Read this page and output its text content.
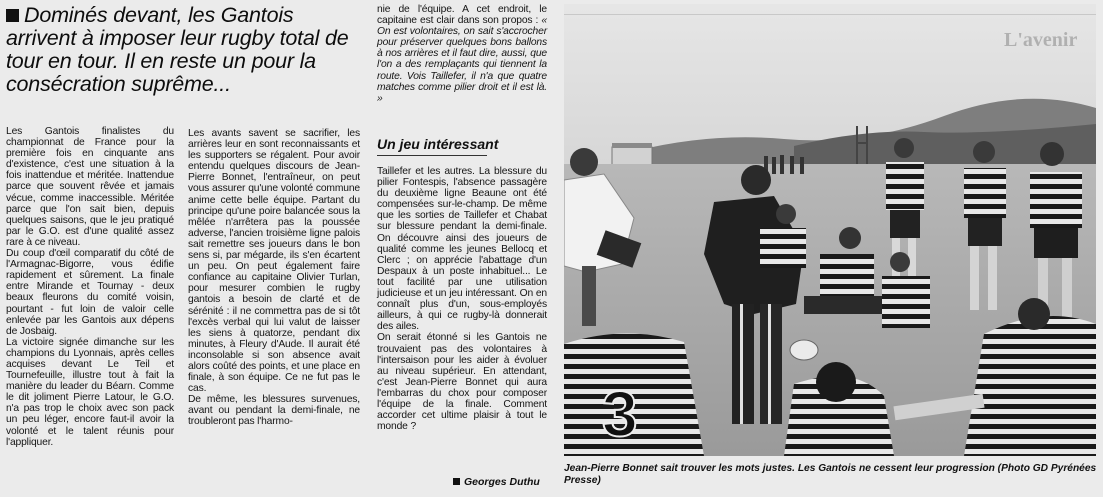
Dominés devant, les Gantois arrivent à imposer leur rugby total de tour en tour. Il en reste un pour la consécration suprême...
Les Gantois finalistes du championnat de France pour la première fois en cinquante ans d'existence, c'est une situation à la fois inattendue et méritée. Inattendue parce que souvent rêvée et jamais vécue, comme inaccessible. Méritée parce que l'on sait bien, depuis quelques saisons, que le jeu pratiqué par le G.O. est d'une qualité assez rare à ce niveau.
Du coup d'œil comparatif du côté de l'Armagnac-Bigorre, vous édifie rapidement et sûrement. La finale entre Mirande et Tournay - deux beaux fleurons du comité voisin, pourtant - fut loin de valoir celle enlevée par les Gantois aux dépens de Josbaig.
La victoire signée dimanche sur les champions du Lyonnais, après celles acquises devant Le Teil et Tournefeuille, illustre tout à fait la manière du leader du Béarn. Comme le dit joliment Pierre Latour, le G.O. n'a pas trop le choix avec son pack un peu léger, encore faut-il avoir la volonté et le talent réunis pour l'appliquer.
Les avants savent se sacrifier, les arrières leur en sont reconnaissants et les supporters se régalent. Pour avoir entendu quelques discours de Jean-Pierre Bonnet, l'entraîneur, on peut vous assurer qu'une volonté commune anime cette belle équipe. Partant du principe qu'une poire balancée sous la mêlée n'arrêtera pas la poussée adverse, l'ancien troisième ligne palois sait remettre ses joueurs dans le bon sens si, par mégarde, ils s'en écartent un peu. On peut également faire confiance au capitaine Olivier Turlan, pour mesurer combien le rugby gantois a besoin de clarté et de sérénité : il ne commettra pas de si tôt l'excès verbal qui lui valut de laisser les siens à quatorze, pendant dix minutes, à Fleury d'Aude. Il aurait été inconsolable si son absence avait alors coûté des points, et une place en finale, à son équipe. Ce ne fut pas le cas.
De même, les blessures survenues, avant ou pendant la demi-finale, ne troubleront pas l'harmo-
nie de l'équipe. A cet endroit, le capitaine est clair dans son propos : « On est volontaires, on sait s'accrocher pour préserver quelques bons ballons à nos arrières et il faut dire, aussi, que l'on a des remplaçants qui tiennent la route. Vois Taillefer, il n'a que quatre matches comme pilier droit et il est là. »
Un jeu intéressant
Taillefer et les autres. La blessure du pilier Fontespis, l'absence passagère du deuxième ligne Beaune ont été compensées sur-le-champ. De même que les sorties de Taillefer et Chabat sur blessure pendant la demi-finale. On découvre ainsi des joueurs de qualité comme les jeunes Bellocq et Clerc ; on apprécie l'abattage d'un Despaux à un poste inhabituel... Le tout facilité par une utilisation judicieuse et un jeu intéressant. On en connaît plus d'un, sous-employés ailleurs, à qui ce rugby-là donnerait des ailes.
On serait étonné si les Gantois ne trouvaient pas des volontaires à l'intersaison pour les aider à évoluer au niveau supérieur. En attendant, c'est Jean-Pierre Bonnet qui aura l'embarras du chox pour composer l'équipe de la finale. Comment accorder cet ultime plaisir à tout le monde ?
Georges Duthu
L'avenir
3
Jean-Pierre Bonnet sait trouver les mots justes. Les Gantois ne cessent leur progression (Photo GD Pyrénées Presse)
